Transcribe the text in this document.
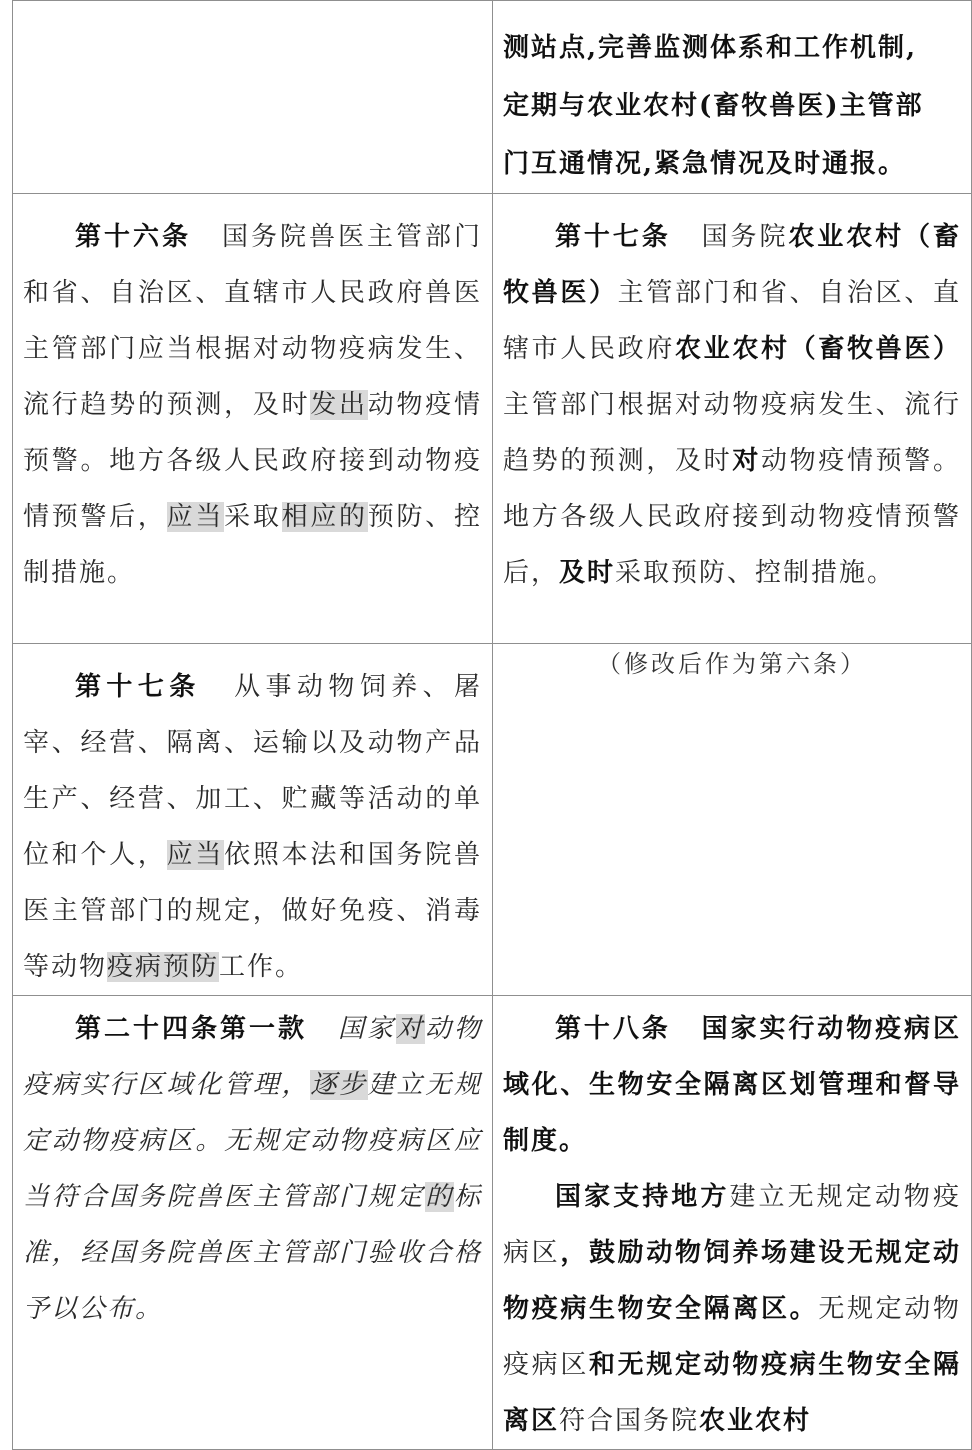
	测站点,完善监测体系和工作机制,
定期与农业农村(畜牧兽医)主管部
门互通情况,紧急情况及时通报。

第十六条 国务院兽医主管部门和省、自治区、直辖市人民政府兽医主管部门应当根据对动物疫病发生、流行趋势的预测，及时发出动物疫情预警。地方各级人民政府接到动物疫情预警后，应当采取相应的预防、控制措施。	第十七条 国务院农业农村（畜牧兽医）主管部门和省、自治区、直辖市人民政府农业农村（畜牧兽医）主管部门根据对动物疫病发生、流行趋势的预测，及时对动物疫情预警。地方各级人民政府接到动物疫情预警后，及时采取预防、控制措施。

第十七条 从事动物饲养、屠宰、经营、隔离、运输以及动物产品生产、经营、加工、贮藏等活动的单位和个人，应当依照本法和国务院兽医主管部门的规定，做好免疫、消毒等动物疫病预防工作。	（修改后作为第六条）

第二十四条第一款 国家对动物疫病实行区域化管理，逐步建立无规定动物疫病区。无规定动物疫病区应当符合国务院兽医主管部门规定的标准，经国务院兽医主管部门验收合格予以公布。	第十八条 国家实行动物疫病区域化、生物安全隔离区划管理和督导制度。

国家支持地方建立无规定动物疫病区，鼓励动物饲养场建设无规定动物疫病生物安全隔离区。无规定动物疫病区和无规定动物疫病生物安全隔离区符合国务院农业农村
